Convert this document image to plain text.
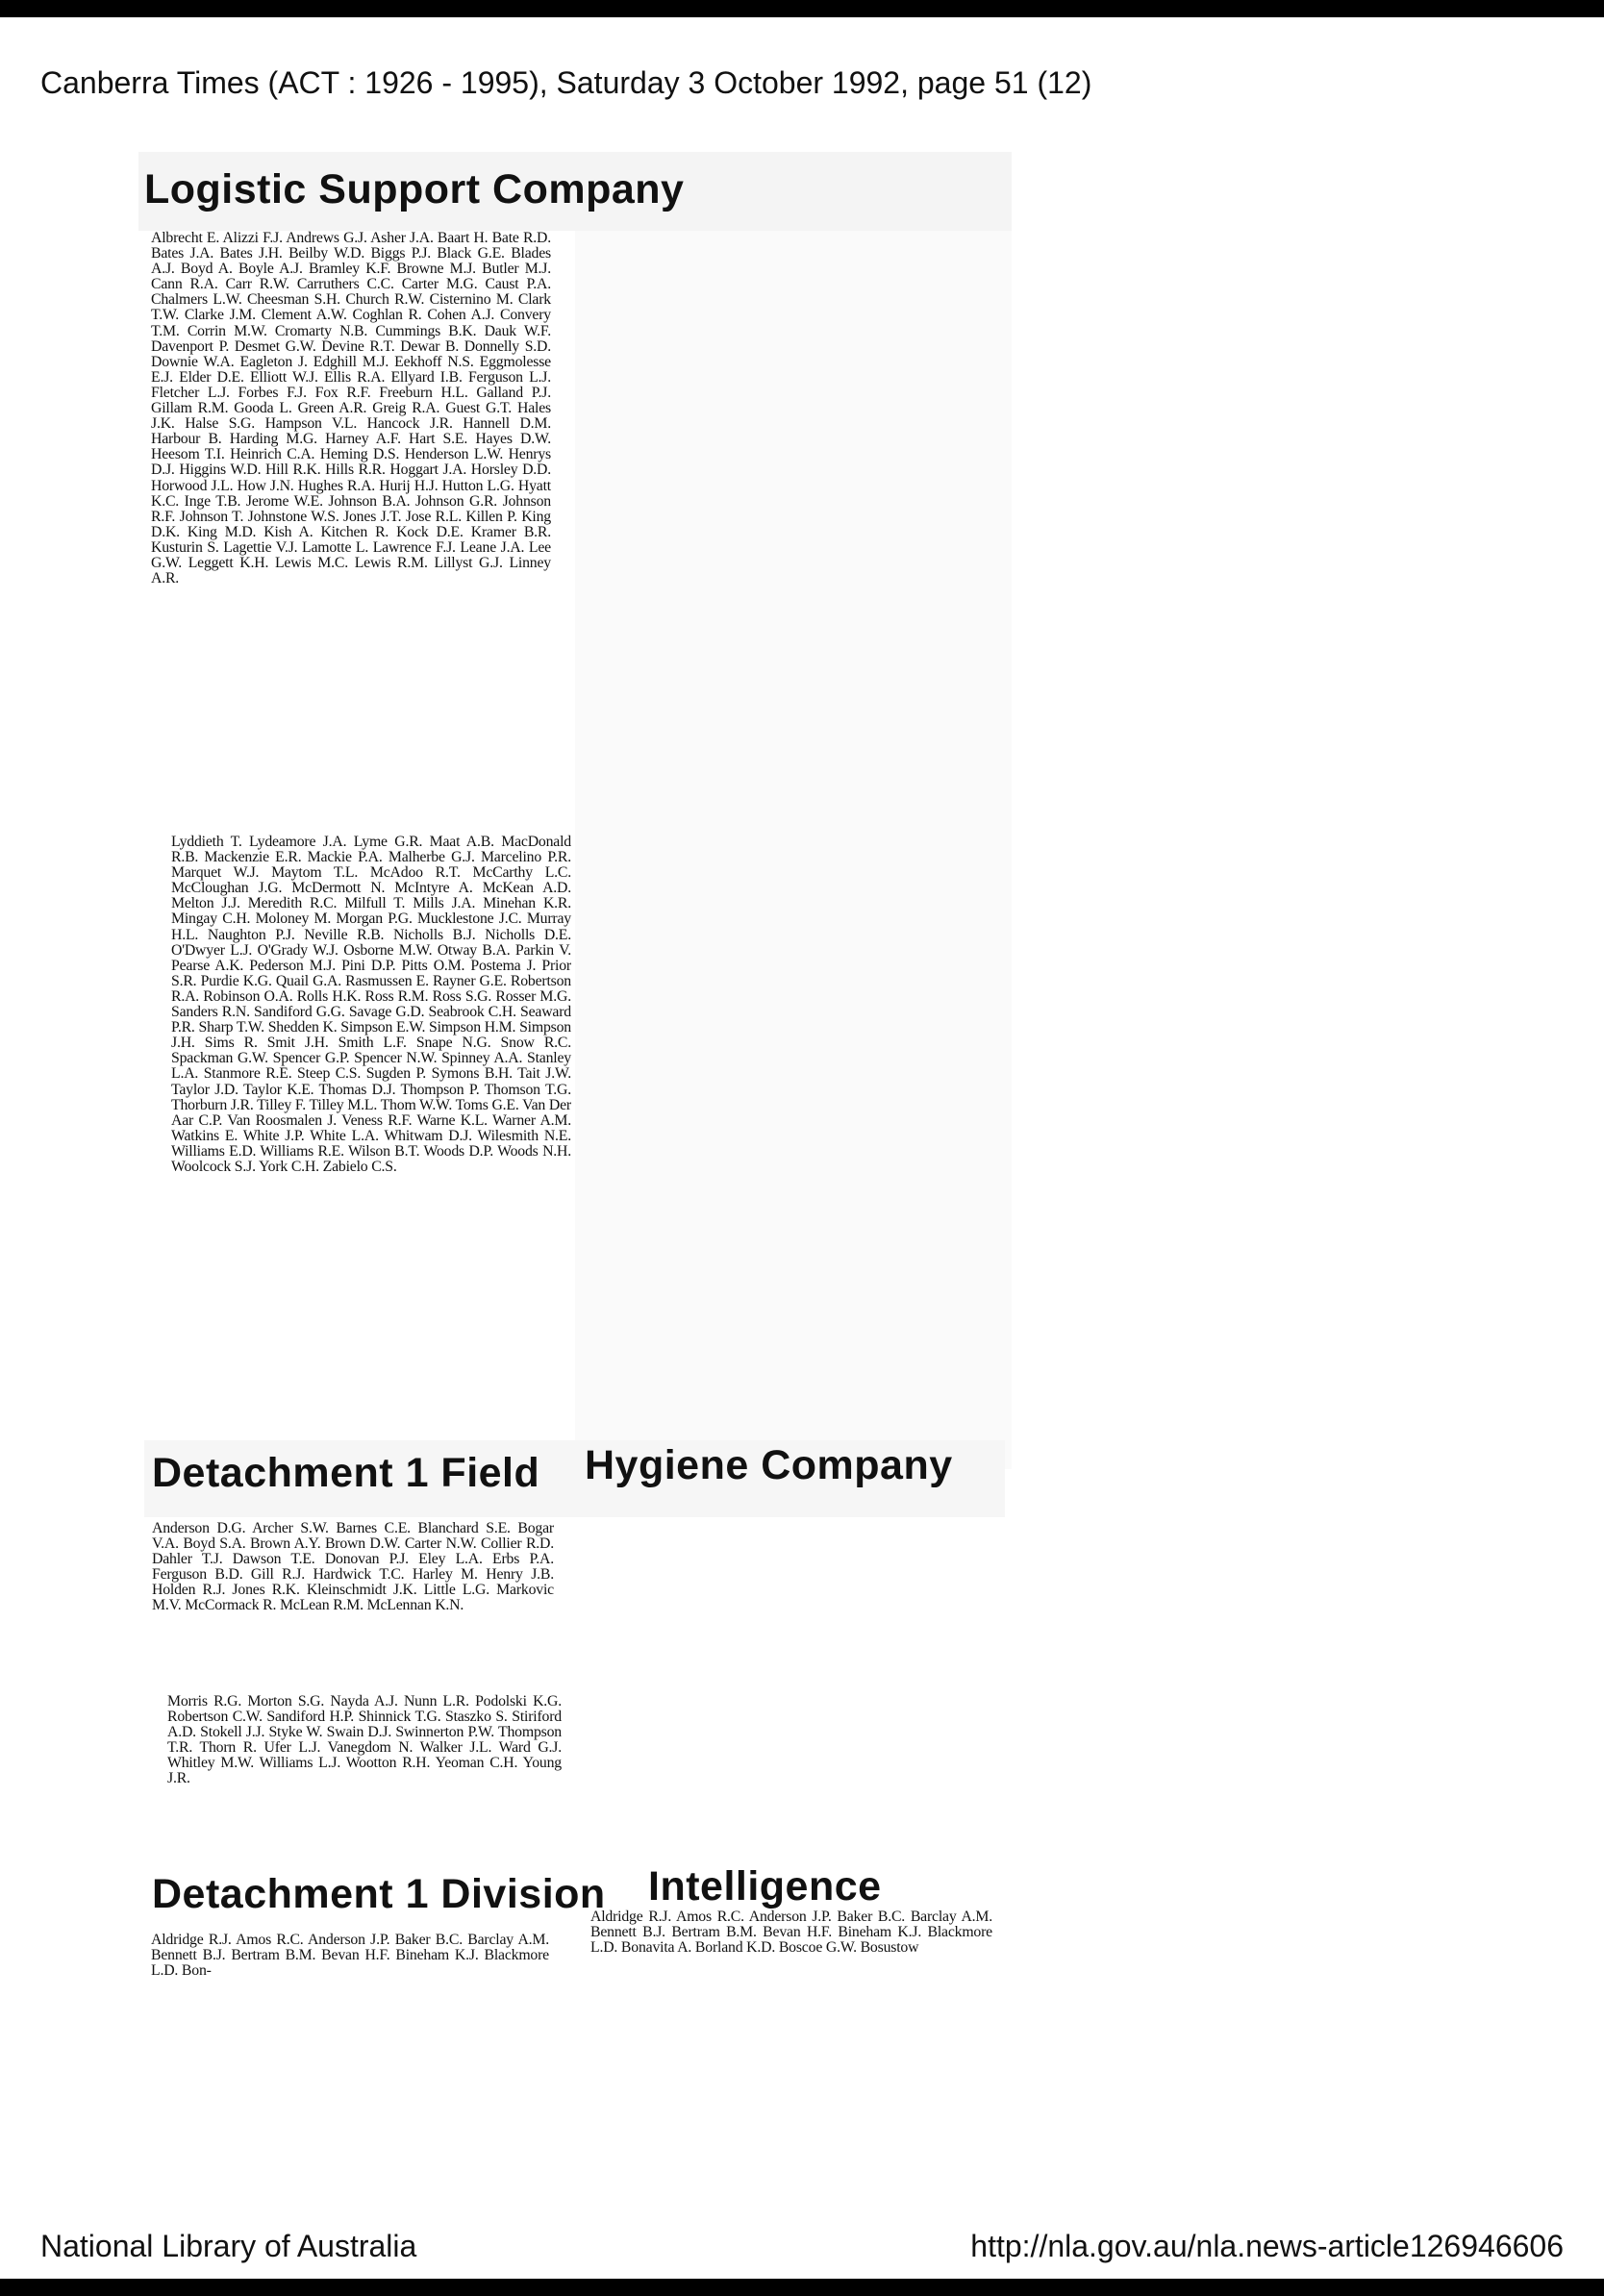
Canberra Times (ACT : 1926 - 1995), Saturday 3 October 1992, page 51 (12)
Logistic Support Company

Albrecht E. Alizzi F.J. Andrews G.J. Asher J.A. Baart H. Bate R.D. Bates J.A. Bates J.H. Beilby W.D. Biggs P.J. Black G.E. Blades A.J. Boyd A. Boyle A.J. Bramley K.F. Browne M.J. Butler M.J. Cann R.A. Carr R.W. Carruthers C.C. Carter M.G. Caust P.A. Chalmers L.W. Cheesman S.H. Church R.W. Cisternino M. Clark T.W. Clarke J.M. Clement A.W. Coghlan R. Cohen A.J. Convery T.M. Corrin M.W. Cromarty N.B. Cummings B.K. Dauk W.F. Davenport P. Desmet G.W. Devine R.T. Dewar B. Donnelly S.D. Downie W.A. Eagleton J. Edghill M.J. Eekhoff N.S. Eggmolesse E.J. Elder D.E. Elliott W.J. Ellis R.A. Ellyard I.B. Ferguson L.J. Fletcher L.J. Forbes F.J. Fox R.F. Freeburn H.L. Galland P.J. Gillam R.M. Gooda L. Green A.R. Greig R.A. Guest G.T. Hales J.K. Halse S.G. Hampson V.L. Hancock J.R. Hannell D.M. Harbour B. Harding M.G. Harney A.F. Hart S.E. Hayes D.W. Heesom T.I. Heinrich C.A. Heming D.S. Henderson L.W. Henrys D.J. Higgins W.D. Hill R.K. Hills R.R. Hoggart J.A. Horsley D.D. Horwood J.L. How J.N. Hughes R.A. Hurij H.J. Hutton L.G. Hyatt K.C. Inge T.B. Jerome W.E. Johnson B.A. Johnson G.R. Johnson R.F. Johnson T. Johnstone W.S. Jones J.T. Jose R.L. Killen P. King D.K. King M.D. Kish A. Kitchen R. Kock D.E. Kramer B.R. Kusturin S. Lagettie V.J. Lamotte L. Lawrence F.J. Leane J.A. Lee G.W. Leggett K.H. Lewis M.C. Lewis R.M. Lillyst G.J. Linney A.R.

Lyddieth T. Lydeamore J.A. Lyme G.R. Maat A.B. MacDonald R.B. Mackenzie E.R. Mackie P.A. Malherbe G.J. Marcelino P.R. Marquet W.J. Maytom T.L. McAdoo R.T. McCarthy L.C. McCloughan J.G. McDermott N. McIntyre A. McKean A.D. Melton J.J. Meredith R.C. Milfull T. Mills J.A. Minehan K.R. Mingay C.H. Moloney M. Morgan P.G. Mucklestone J.C. Murray H.L. Naughton P.J. Neville R.B. Nicholls B.J. Nicholls D.E. O'Dwyer L.J. O'Grady W.J. Osborne M.W. Otway B.A. Parkin V. Pearse A.K. Pederson M.J. Pini D.P. Pitts O.M. Postema J. Prior S.R. Purdie K.G. Quail G.A. Rasmussen E. Rayner G.E. Robertson R.A. Robinson O.A. Rolls H.K. Ross R.M. Ross S.G. Rosser M.G. Sanders R.N. Sandiford G.G. Savage G.D. Seabrook C.H. Seaward P.R. Sharp T.W. Shedden K. Simpson E.W. Simpson H.M. Simpson J.H. Sims R. Smit J.H. Smith L.F. Snape N.G. Snow R.C. Spackman G.W. Spencer G.P. Spencer N.W. Spinney A.A. Stanley L.A. Stanmore R.E. Steep C.S. Sugden P. Symons B.H. Tait J.W. Taylor J.D. Taylor K.E. Thomas D.J. Thompson P. Thomson T.G. Thorburn J.R. Tilley F. Tilley M.L. Thom W.W. Toms G.E. Van Der Aar C.P. Van Roosmalen J. Veness R.F. Warne K.L. Warner A.M. Watkins E. White J.P. White L.A. Whitwam D.J. Wilesmith N.E. Williams E.D. Williams R.E. Wilson B.T. Woods D.P. Woods N.H. Woolcock S.J. York C.H. Zabielo C.S.

Detachment 1 Field Hygiene Company

Anderson D.G. Archer S.W. Barnes C.E. Blanchard S.E. Bogar V.A. Boyd S.A. Brown A.Y. Brown D.W. Carter N.W. Collier R.D. Dahler T.J. Dawson T.E. Donovan P.J. Eley L.A. Erbs P.A. Ferguson B.D. Gill R.J. Hardwick T.C. Harley M. Henry J.B. Holden R.J. Jones R.K. Kleinschmidt J.K. Little L.G. Markovic M.V. McCormack R. McLean R.M. McLennan K.N.

Morris R.G. Morton S.G. Nayda A.J. Nunn L.R. Podolski K.G. Robertson C.W. Sandiford H.P. Shinnick T.G. Staszko S. Stiriford A.D. Stokell J.J. Styke W. Swain D.J. Swinnerton P.W. Thompson T.R. Thorn R. Ufer L.J. Vanegdom N. Walker J.L. Ward G.J. Whitley M.W. Williams L.J. Wootton R.H. Yeoman C.H. Young J.R.

Detachment 1 Division Intelligence

Aldridge R.J. Amos R.C. Anderson J.P. Baker B.C. Barclay A.M. Bennett B.J. Bertram B.M. Bevan H.F. Bineham K.J. Blackmore L.D. Bon-

Aldridge R.J. Amos R.C. Anderson J.P. Baker B.C. Barclay A.M. Bennett B.J. Bertram B.M. Bevan H.F. Bineham K.J. Blackmore L.D. Bonavita A. Borland K.D. Boscoe G.W. Bosustow

National Library of Australia	http://nla.gov.au/nla.news-article126946606
